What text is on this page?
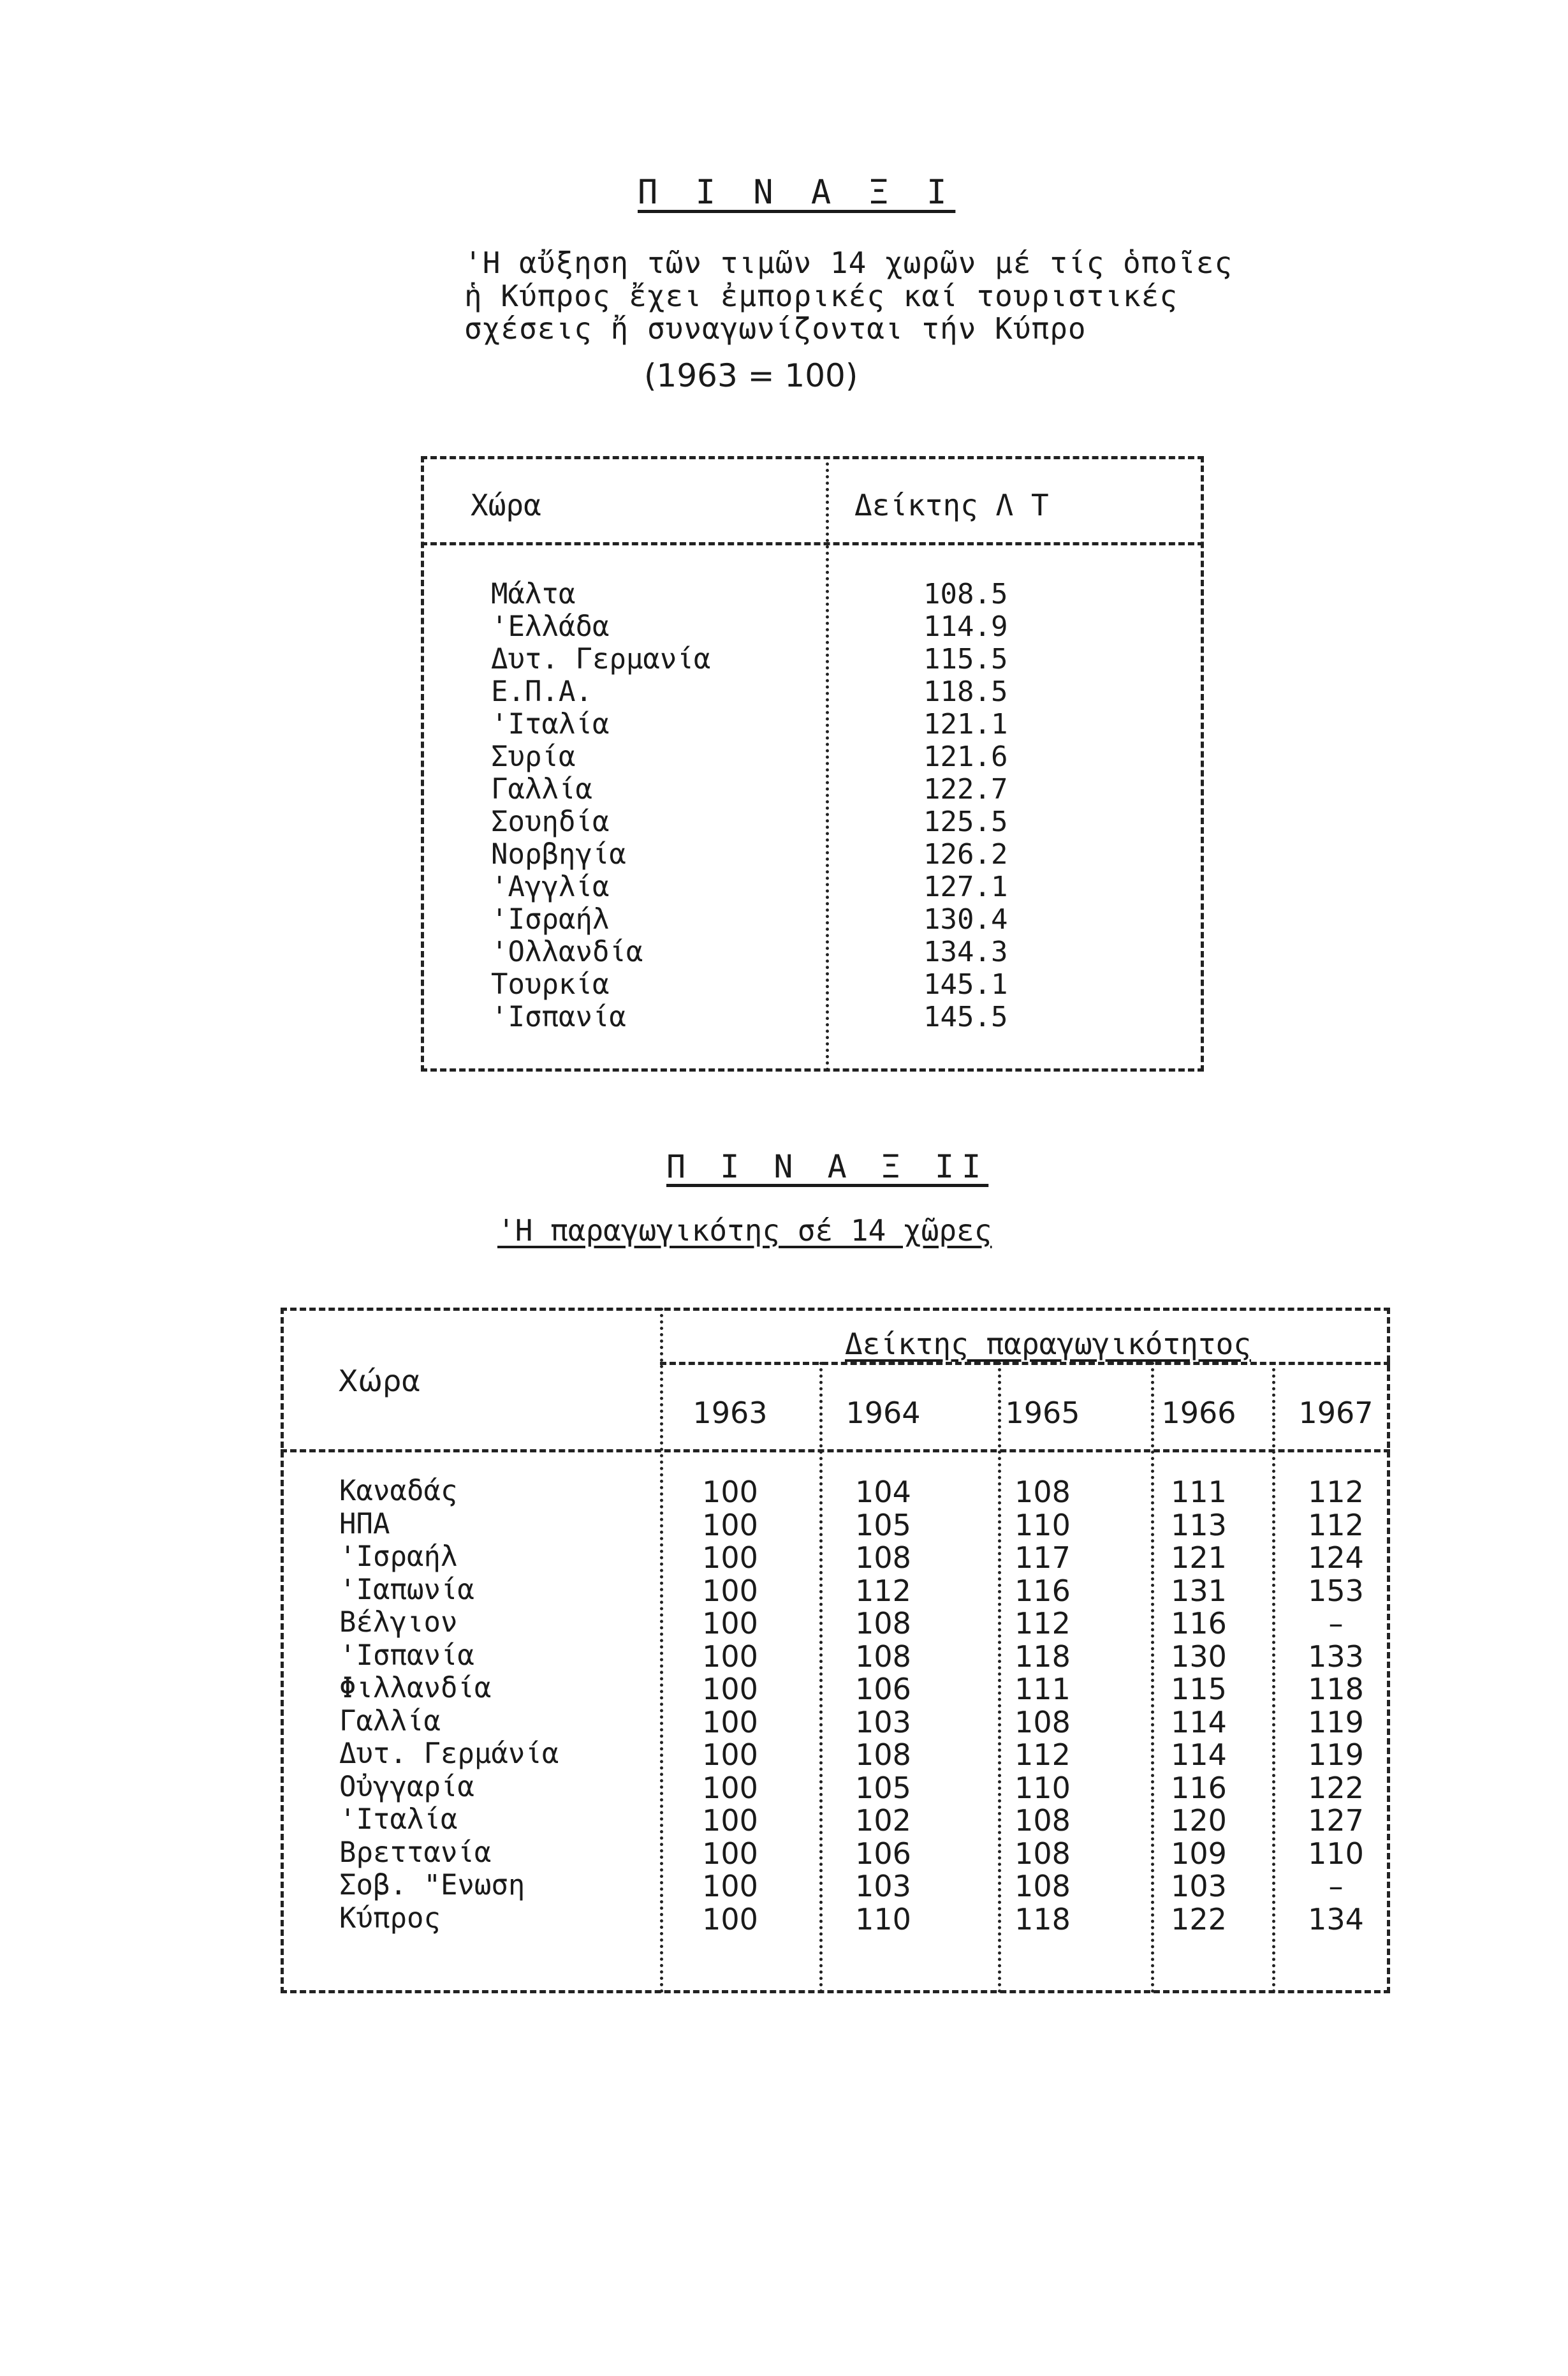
Π Ι Ν Α Ξ Ι
'Η αὔξηση τῶν τιμῶν 14 χωρῶν μέ τίς ὁποῖες
ἡ Κύπρος ἔχει ἐμπορικές καί τουριστικές
σχέσεις ἤ συναγωνίζονται τήν Κύπρο
(1963 = 100)
Χώρα	Δείκτης Λ Τ
Μάλτα	108.5
'Ελλάδα	114.9
Δυτ. Γερμανία	115.5
Ε.Π.Α.	118.5
'Ιταλία	121.1
Συρία	121.6
Γαλλία	122.7
Σουηδία	125.5
Νορβηγία	126.2
'Αγγλία	127.1
'Ισραήλ	130.4
'Ολλανδία	134.3
Τουρκία	145.1
'Ισπανία	145.5
Π Ι Ν Α Ξ ΙΙ
'Η παραγωγικότης σέ 14 χῶρες
Χώρα
Δείκτης παραγωγικότητος
1963	1964	1965	1966	1967
Καναδάς	100	104	108	111	112
ΗΠΑ	100	105	110	113	112
'Ισραήλ	100	108	117	121	124
'Ιαπωνία	100	112	116	131	153
Βέλγιον	100	108	112	116	–
'Ισπανία	100	108	118	130	133
Φιλλανδία	100	106	111	115	118
Γαλλία	100	103	108	114	119
Δυτ. Γερμάνία	100	108	112	114	119
Οὐγγαρία	100	105	110	116	122
'Ιταλία	100	102	108	120	127
Βρεττανία	100	106	108	109	110
Σοβ. "Ενωση	100	103	108	103	–
Κύπρος	100	110	118	122	134
